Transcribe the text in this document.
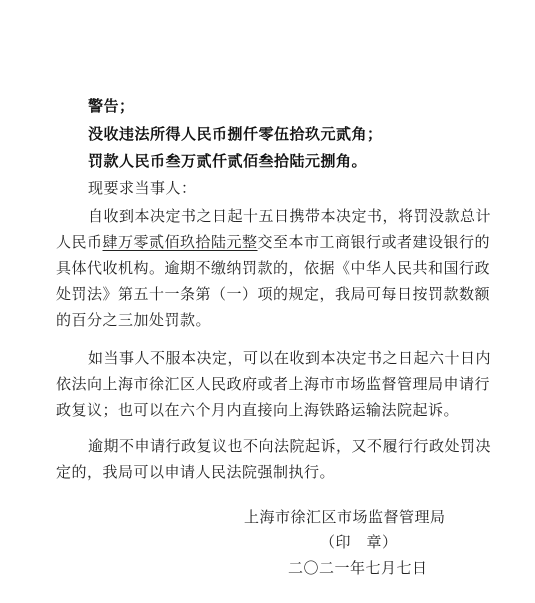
警告；
没收违法所得人民币捌仟零伍拾玖元贰角；
罚款人民币叁万贰仟贰佰叁拾陆元捌角。
现要求当事人：
自收到本决定书之日起十五日携带本决定书，将罚没款总计
人民币肆万零贰佰玖拾陆元整交至本市工商银行或者建设银行的
具体代收机构。逾期不缴纳罚款的，依据《中华人民共和国行政
处罚法》第五十一条第（一）项的规定，我局可每日按罚款数额
的百分之三加处罚款。
如当事人不服本决定，可以在收到本决定书之日起六十日内
依法向上海市徐汇区人民政府或者上海市市场监督管理局申请行
政复议；也可以在六个月内直接向上海铁路运输法院起诉。
逾期不申请行政复议也不向法院起诉，又不履行行政处罚决
定的，我局可以申请人民法院强制执行。
上海市徐汇区市场监督管理局
（印　章）
二〇二一年七月七日
